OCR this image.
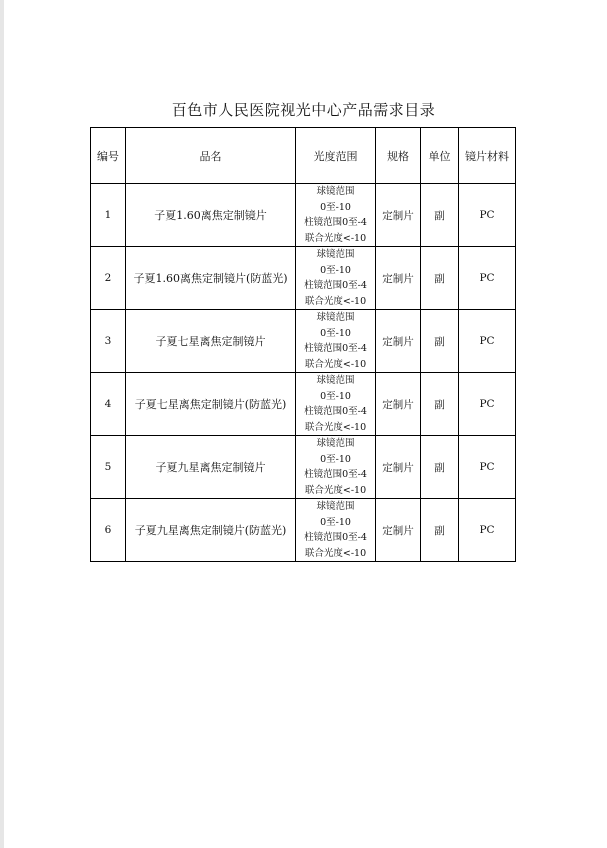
百色市人民医院视光中心产品需求目录
编号	品名	光度范围	规格	单位	镜片材料
1	子夏1.60离焦定制镜片	球镜范围
0至-10
柱镜范围0至-4
联合光度<-10	定制片	副	PC
2	子夏1.60离焦定制镜片(防蓝光)	球镜范围
0至-10
柱镜范围0至-4
联合光度<-10	定制片	副	PC
3	子夏七星离焦定制镜片	球镜范围
0至-10
柱镜范围0至-4
联合光度<-10	定制片	副	PC
4	子夏七星离焦定制镜片(防蓝光)	球镜范围
0至-10
柱镜范围0至-4
联合光度<-10	定制片	副	PC
5	子夏九星离焦定制镜片	球镜范围
0至-10
柱镜范围0至-4
联合光度<-10	定制片	副	PC
6	子夏九星离焦定制镜片(防蓝光)	球镜范围
0至-10
柱镜范围0至-4
联合光度<-10	定制片	副	PC
